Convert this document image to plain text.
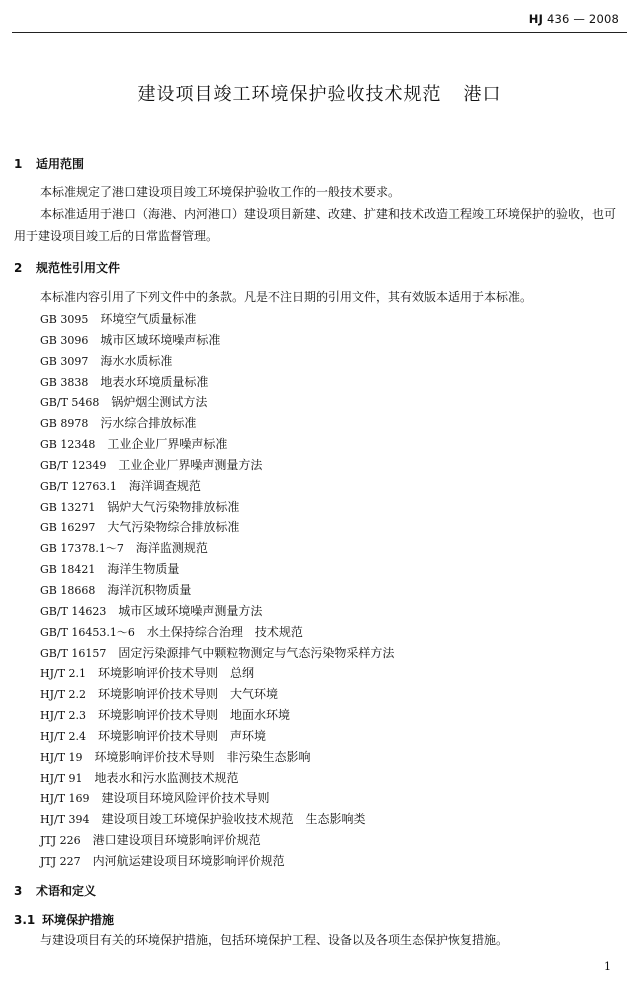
HJ 436 — 2008
建设项目竣工环境保护验收技术规范 港口
1 适用范围
本标准规定了港口建设项目竣工环境保护验收工作的一般技术要求。
本标准适用于港口（海港、内河港口）建设项目新建、改建、扩建和技术改造工程竣工环境保护的验收，也可用于建设项目竣工后的日常监督管理。
2 规范性引用文件
本标准内容引用了下列文件中的条款。凡是不注日期的引用文件，其有效版本适用于本标准。
GB 3095 环境空气质量标准
GB 3096 城市区域环境噪声标准
GB 3097 海水水质标准
GB 3838 地表水环境质量标准
GB/T 5468 锅炉烟尘测试方法
GB 8978 污水综合排放标准
GB 12348 工业企业厂界噪声标准
GB/T 12349 工业企业厂界噪声测量方法
GB/T 12763.1 海洋调查规范
GB 13271 锅炉大气污染物排放标准
GB 16297 大气污染物综合排放标准
GB 17378.1～7 海洋监测规范
GB 18421 海洋生物质量
GB 18668 海洋沉积物质量
GB/T 14623 城市区域环境噪声测量方法
GB/T 16453.1～6 水土保持综合治理　技术规范
GB/T 16157 固定污染源排气中颗粒物测定与气态污染物采样方法
HJ/T 2.1 环境影响评价技术导则　总纲
HJ/T 2.2 环境影响评价技术导则　大气环境
HJ/T 2.3 环境影响评价技术导则　地面水环境
HJ/T 2.4 环境影响评价技术导则　声环境
HJ/T 19 环境影响评价技术导则　非污染生态影响
HJ/T 91 地表水和污水监测技术规范
HJ/T 169 建设项目环境风险评价技术导则
HJ/T 394 建设项目竣工环境保护验收技术规范　生态影响类
JTJ 226 港口建设项目环境影响评价规范
JTJ 227 内河航运建设项目环境影响评价规范
3 术语和定义
3.1 环境保护措施
与建设项目有关的环境保护措施，包括环境保护工程、设备以及各项生态保护恢复措施。
1
